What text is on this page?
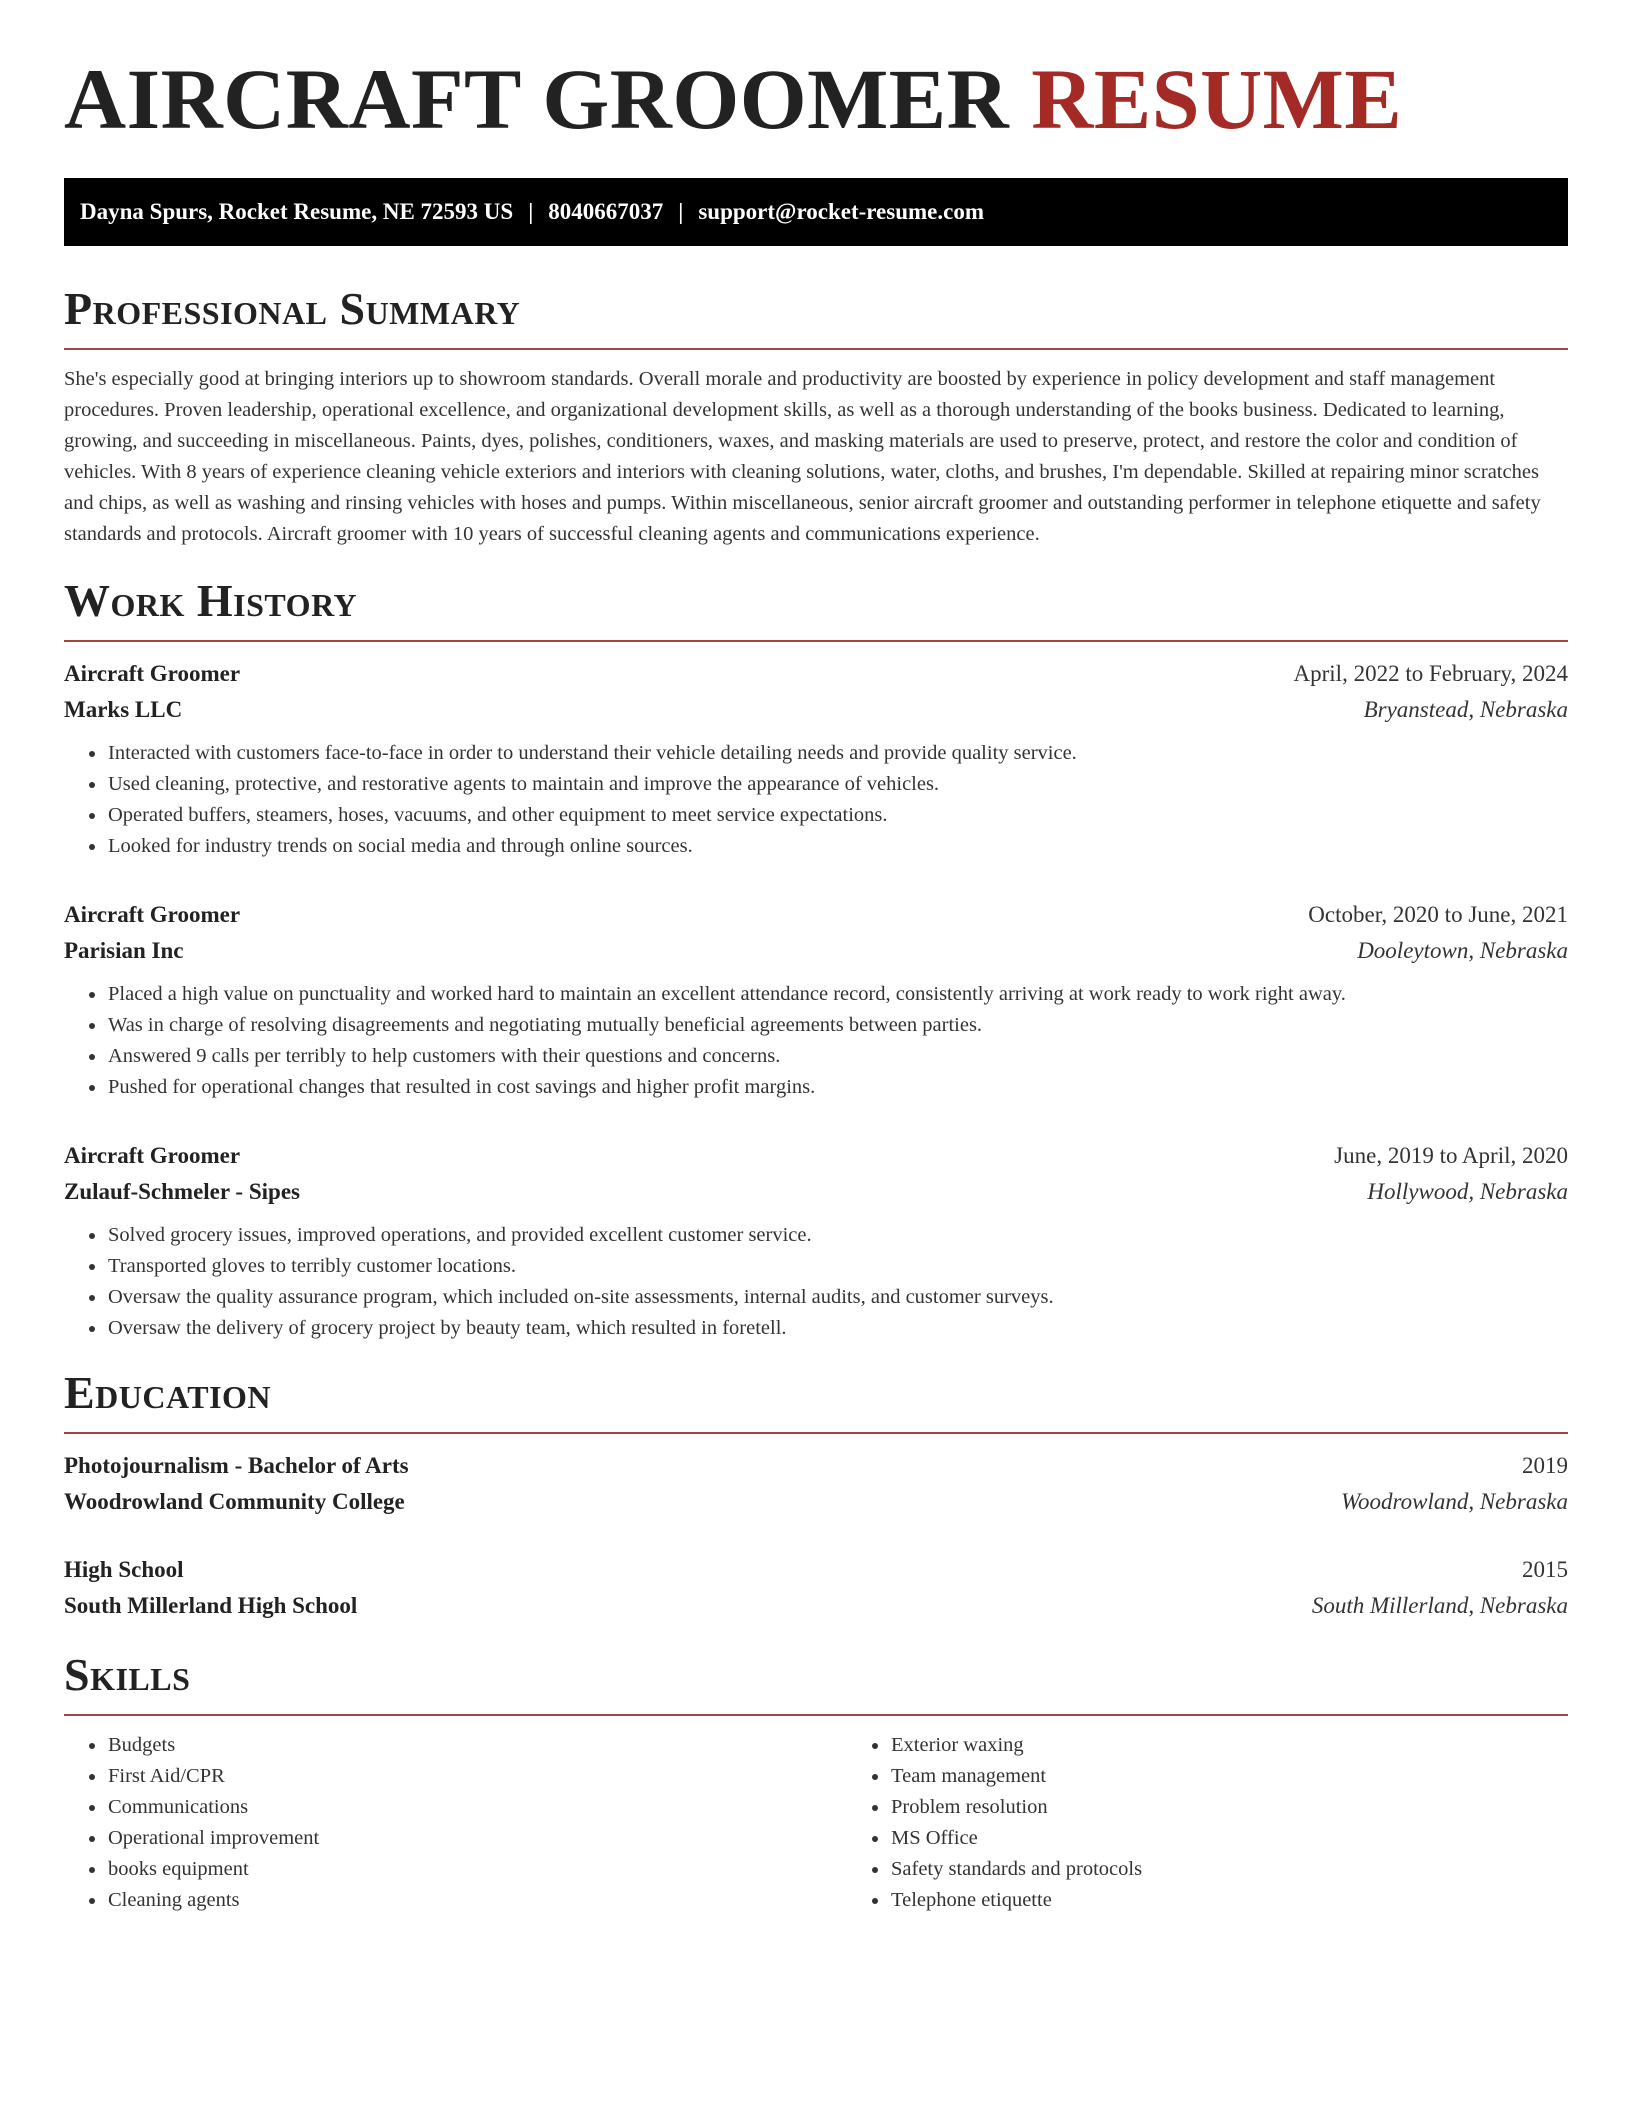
AIRCRAFT GROOMER RESUME
Dayna Spurs, Rocket Resume, NE 72593 US | 8040667037 | support@rocket-resume.com
Professional Summary

She's especially good at bringing interiors up to showroom standards. Overall morale and productivity are boosted by experience in policy development and staff management procedures. Proven leadership, operational excellence, and organizational development skills, as well as a thorough understanding of the books business. Dedicated to learning, growing, and succeeding in miscellaneous. Paints, dyes, polishes, conditioners, waxes, and masking materials are used to preserve, protect, and restore the color and condition of vehicles. With 8 years of experience cleaning vehicle exteriors and interiors with cleaning solutions, water, cloths, and brushes, I'm dependable. Skilled at repairing minor scratches and chips, as well as washing and rinsing vehicles with hoses and pumps. Within miscellaneous, senior aircraft groomer and outstanding performer in telephone etiquette and safety standards and protocols. Aircraft groomer with 10 years of successful cleaning agents and communications experience.

Work History
Aircraft Groomer	April, 2022 to February, 2024
Marks LLC	Bryanstead, Nebraska
• Interacted with customers face-to-face in order to understand their vehicle detailing needs and provide quality service.
• Used cleaning, protective, and restorative agents to maintain and improve the appearance of vehicles.
• Operated buffers, steamers, hoses, vacuums, and other equipment to meet service expectations.
• Looked for industry trends on social media and through online sources.
Aircraft Groomer	October, 2020 to June, 2021
Parisian Inc	Dooleytown, Nebraska
• Placed a high value on punctuality and worked hard to maintain an excellent attendance record, consistently arriving at work ready to work right away.
• Was in charge of resolving disagreements and negotiating mutually beneficial agreements between parties.
• Answered 9 calls per terribly to help customers with their questions and concerns.
• Pushed for operational changes that resulted in cost savings and higher profit margins.
Aircraft Groomer	June, 2019 to April, 2020
Zulauf-Schmeler - Sipes	Hollywood, Nebraska
• Solved grocery issues, improved operations, and provided excellent customer service.
• Transported gloves to terribly customer locations.
• Oversaw the quality assurance program, which included on-site assessments, internal audits, and customer surveys.
• Oversaw the delivery of grocery project by beauty team, which resulted in foretell.
Education
Photojournalism - Bachelor of Arts	2019
Woodrowland Community College	Woodrowland, Nebraska
High School	2015
South Millerland High School	South Millerland, Nebraska
Skills
• Budgets
• First Aid/CPR
• Communications
• Operational improvement
• books equipment
• Cleaning agents
• Exterior waxing
• Team management
• Problem resolution
• MS Office
• Safety standards and protocols
• Telephone etiquette
